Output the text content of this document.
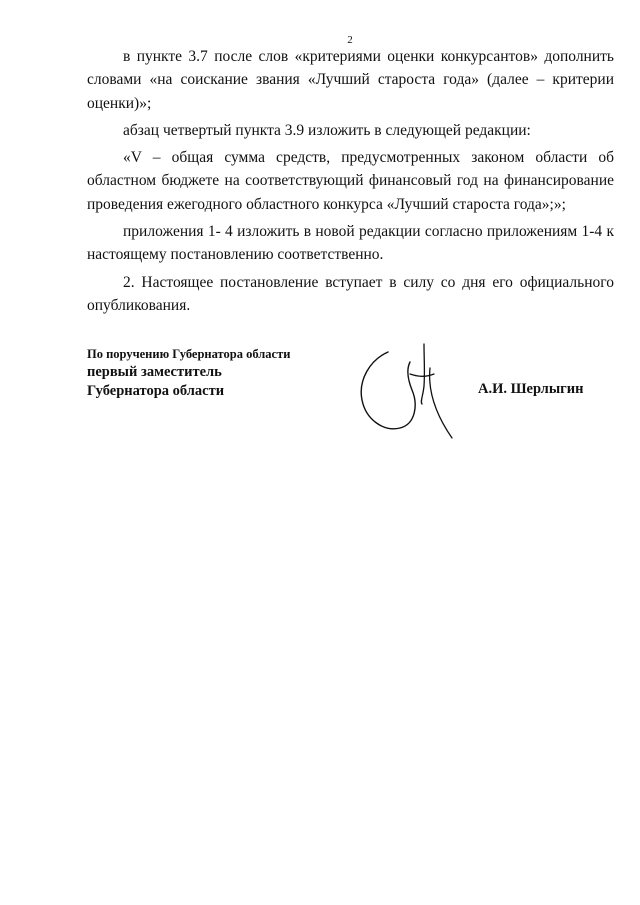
2

в пункте 3.7 после слов «критериями оценки конкурсантов» дополнить словами «на соискание звания «Лучший староста года» (далее – критерии оценки)»;

абзац четвертый пункта 3.9 изложить в следующей редакции:

«V – общая сумма средств, предусмотренных законом области об областном бюджете на соответствующий финансовый год на финансирование проведения ежегодного областного конкурса «Лучший староста года»;»;

приложения 1- 4 изложить в новой редакции согласно приложениям 1-4 к настоящему постановлению соответственно.

2. Настоящее постановление вступает в силу со дня его официального опубликования.

По поручению Губернатора области
первый заместитель
Губернатора области	А.И. Шерлыгин
